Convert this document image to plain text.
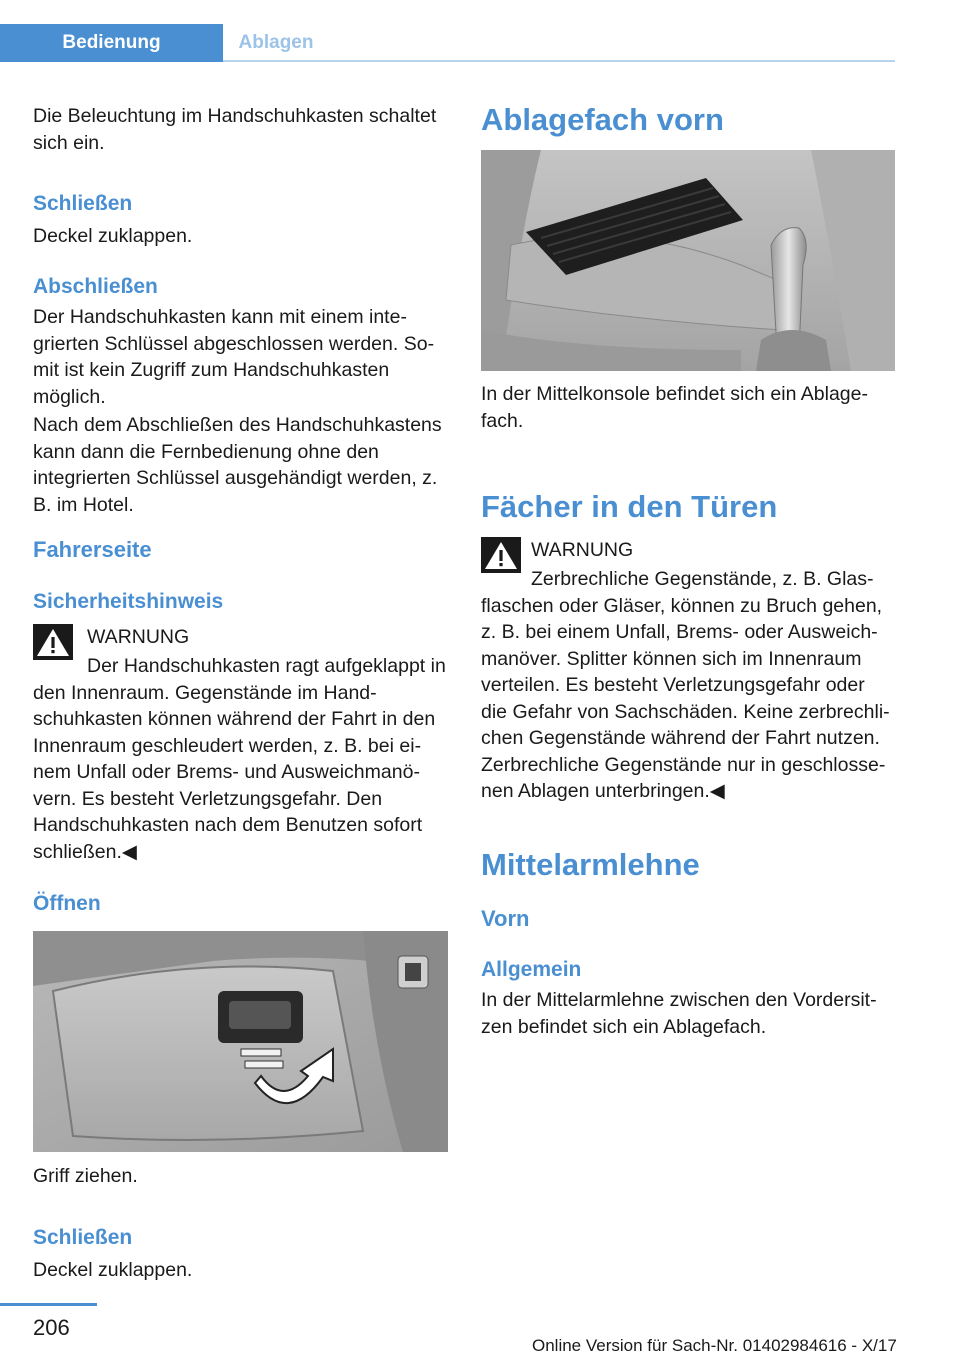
Bedienung	Ablagen

Die Beleuchtung im Handschuhkasten schaltet sich ein.

Schließen

Deckel zuklappen.

Abschließen

Der Handschuhkasten kann mit einem integrierten Schlüssel abgeschlossen werden. Somit ist kein Zugriff zum Handschuhkasten möglich.

Nach dem Abschließen des Handschuhkastens kann dann die Fernbedienung ohne den integrierten Schlüssel ausgehändigt werden, z. B. im Hotel.

Fahrerseite
Sicherheitshinweis
WARNUNG

Der Handschuhkasten ragt aufgeklappt in den Innenraum. Gegenstände im Handschuhkasten können während der Fahrt in den Innenraum geschleudert werden, z. B. bei einem Unfall oder Brems- und Ausweichmanövern. Es besteht Verletzungsgefahr. Den Handschuhkasten nach dem Benutzen sofort schließen.◀

Öffnen

Griff ziehen.

Schließen

Deckel zuklappen.

Ablagefach vorn

In der Mittelkonsole befindet sich ein Ablagefach.

Fächer in den Türen
WARNUNG

Zerbrechliche Gegenstände, z. B. Glasflaschen oder Gläser, können zu Bruch gehen, z. B. bei einem Unfall, Brems- oder Ausweichmanöver. Splitter können sich im Innenraum verteilen. Es besteht Verletzungsgefahr oder die Gefahr von Sachschäden. Keine zerbrechlichen Gegenstände während der Fahrt nutzen. Zerbrechliche Gegenstände nur in geschlossenen Ablagen unterbringen.◀

Mittelarmlehne
Vorn
Allgemein

In der Mittelarmlehne zwischen den Vordersitzen befindet sich ein Ablagefach.

206
Online Version für Sach-Nr. 01402984616 - X/17
